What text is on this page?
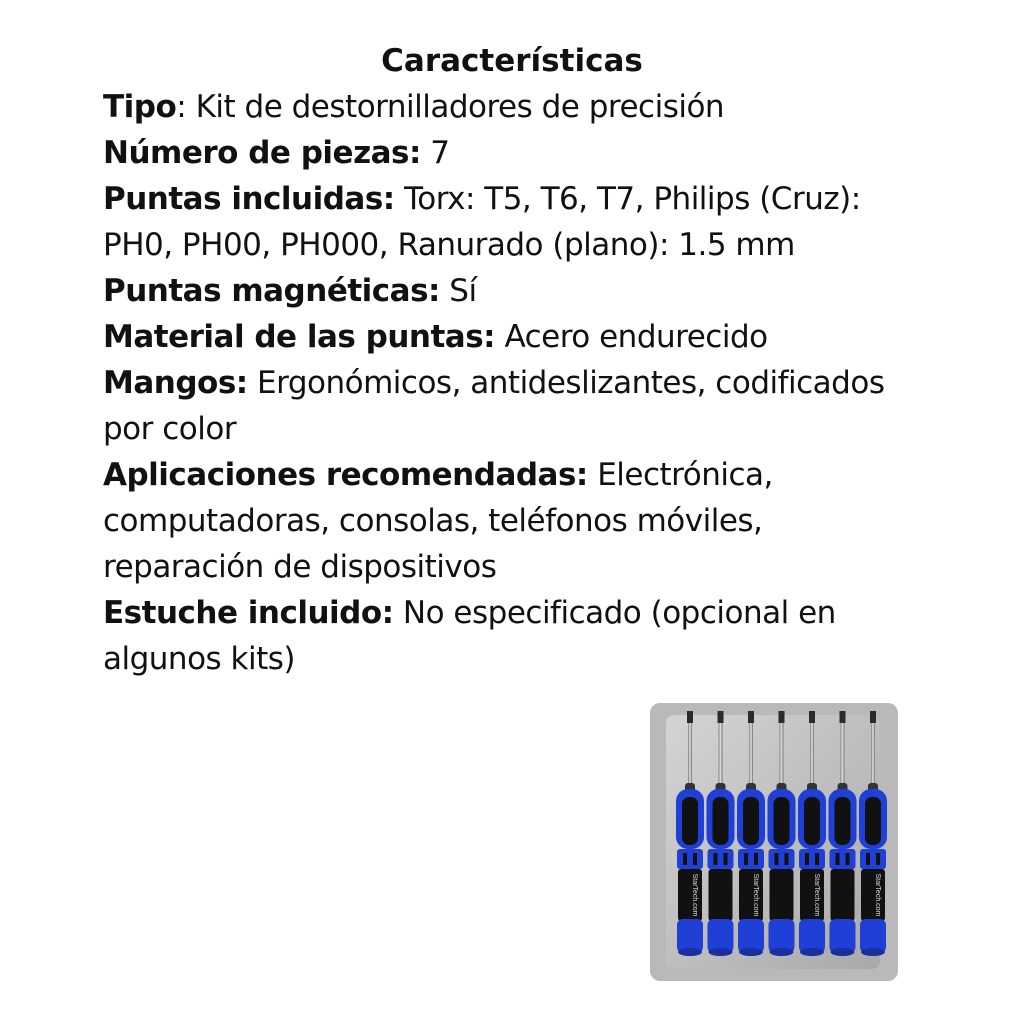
Características

Tipo: Kit de destornilladores de precisión

Número de piezas: 7

Puntas incluidas: Torx: T5, T6, T7, Philips (Cruz): PH0, PH00, PH000, Ranurado (plano): 1.5 mm

Puntas magnéticas: Sí

Material de las puntas: Acero endurecido

Mangos: Ergonómicos, antideslizantes, codificados por color

Aplicaciones recomendadas: Electrónica, computadoras, consolas, teléfonos móviles, reparación de dispositivos

Estuche incluido: No especificado (opcional en algunos kits)

StarTech.com	StarTech.com	StarTech.com	StarTech.com
